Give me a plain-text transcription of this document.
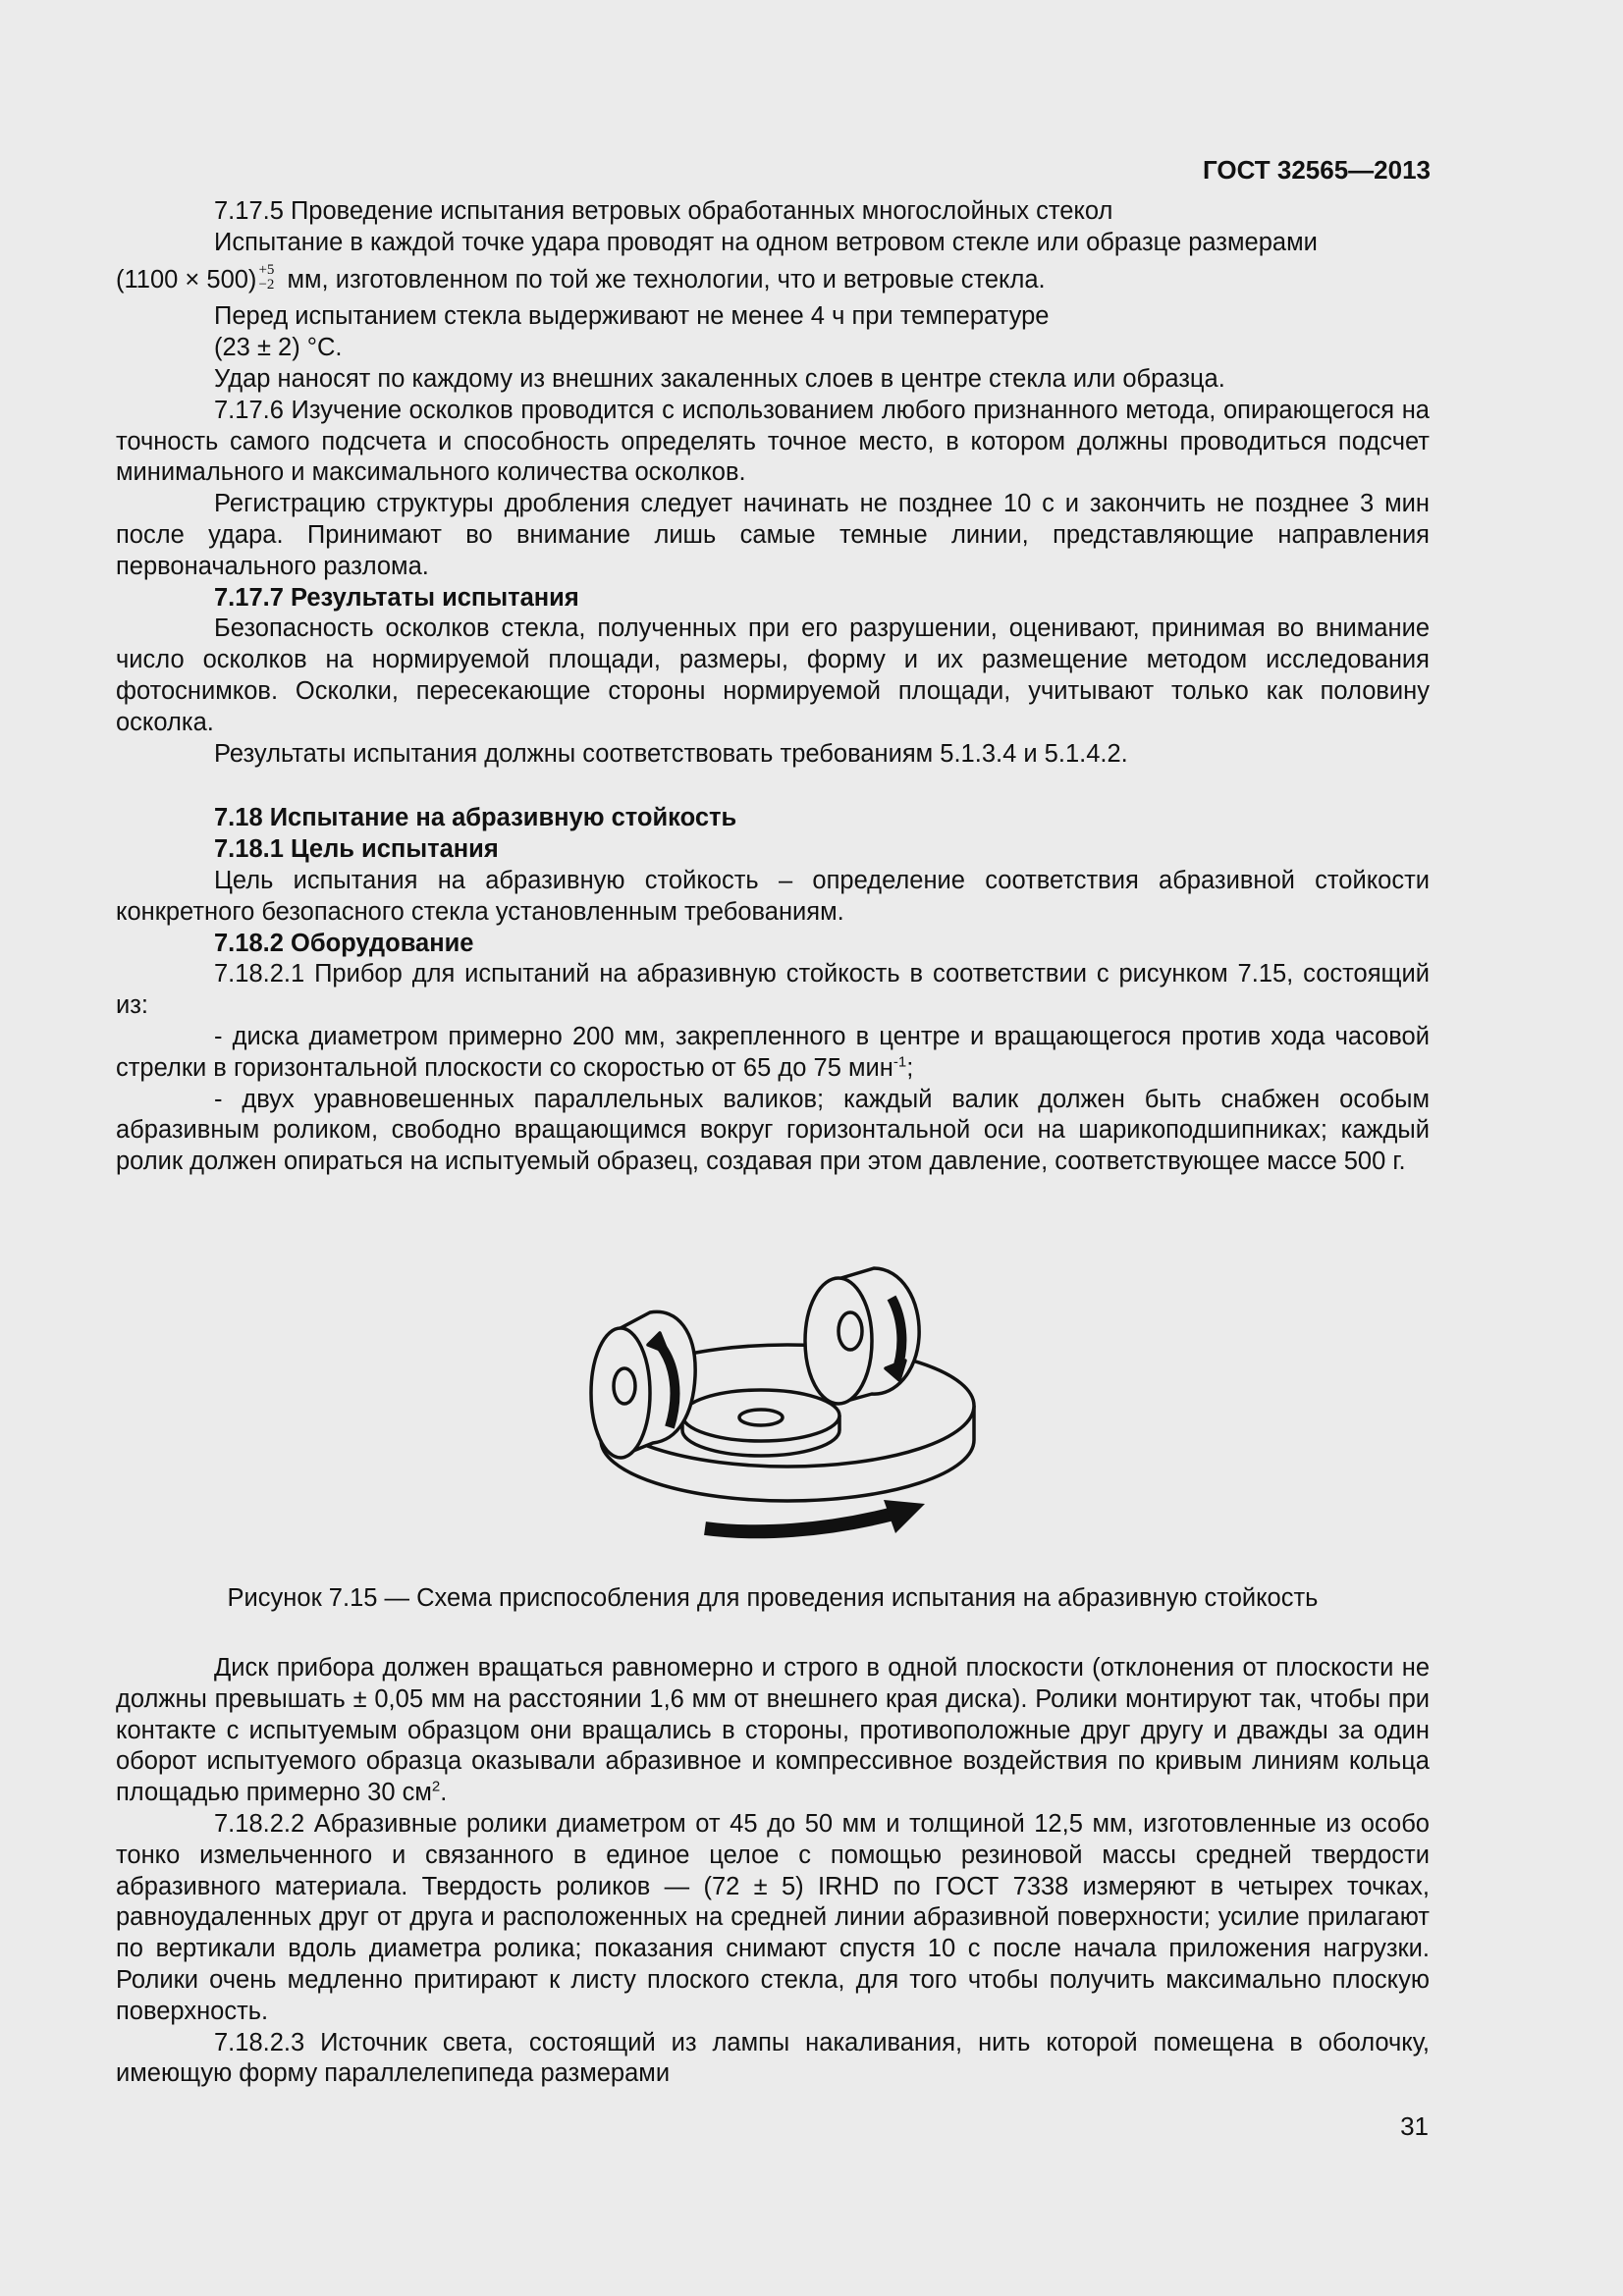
ГОСТ 32565—2013

7.17.5 Проведение испытания ветровых обработанных многослойных стекол

Испытание в каждой точке удара проводят на одном ветровом стекле или образце размерами

(1100 × 500) +5
−2 мм, изготовленном по той же технологии, что и ветровые стекла.

Перед испытанием стекла выдерживают не менее 4 ч при температуре

(23 ± 2) °C.

Удар наносят по каждому из внешних закаленных слоев в центре стекла или образца.

7.17.6 Изучение осколков проводится с использованием любого признанного метода, опирающегося на точность самого подсчета и способность определять точное место, в котором должны проводиться подсчет минимального и максимального количества осколков.

Регистрацию структуры дробления следует начинать не позднее 10 с и закончить не позднее 3 мин после удара. Принимают во внимание лишь самые темные линии, представляющие направления первоначального разлома.

7.17.7 Результаты испытания

Безопасность осколков стекла, полученных при его разрушении, оценивают, принимая во внимание число осколков на нормируемой площади, размеры, форму и их размещение методом исследования фотоснимков. Осколки, пересекающие стороны нормируемой площади, учитывают только как половину осколка.

Результаты испытания должны соответствовать требованиям 5.1.3.4 и 5.1.4.2.

7.18 Испытание на абразивную стойкость

7.18.1 Цель испытания

Цель испытания на абразивную стойкость – определение соответствия абразивной стойкости конкретного безопасного стекла установленным требованиям.

7.18.2 Оборудование

7.18.2.1 Прибор для испытаний на абразивную стойкость в соответствии с рисунком 7.15, состоящий из:

- диска диаметром примерно 200 мм, закрепленного в центре и вращающегося против хода часовой стрелки в горизонтальной плоскости со скоростью от 65 до 75 мин$^{-1}$;

- двух уравновешенных параллельных валиков; каждый валик должен быть снабжен особым абразивным роликом, свободно вращающимся вокруг горизонтальной оси на шарикоподшипниках; каждый ролик должен опираться на испытуемый образец, создавая при этом давление, соответствующее массе 500 г.

Рисунок 7.15 — Схема приспособления для проведения испытания на абразивную стойкость

Диск прибора должен вращаться равномерно и строго в одной плоскости (отклонения от плоскости не должны превышать ± 0,05 мм на расстоянии 1,6 мм от внешнего края диска). Ролики монтируют так, чтобы при контакте с испытуемым образцом они вращались в стороны, противоположные друг другу и дважды за один оборот испытуемого образца оказывали абразивное и компрессивное воздействия по кривым линиям кольца площадью примерно 30 $см^2$.

7.18.2.2 Абразивные ролики диаметром от 45 до 50 мм и толщиной 12,5 мм, изготовленные из особо тонко измельченного и связанного в единое целое с помощью резиновой массы средней твердости абразивного материала. Твердость роликов — (72 ± 5) IRHD по ГОСТ 7338 измеряют в четырех точках, равноудаленных друг от друга и расположенных на средней линии абразивной поверхности; усилие прилагают по вертикали вдоль диаметра ролика; показания снимают спустя 10 с после начала приложения нагрузки. Ролики очень медленно притирают к листу плоского стекла, для того чтобы получить максимально плоскую поверхность.

7.18.2.3 Источник света, состоящий из лампы накаливания, нить которой помещена в оболочку, имеющую форму параллелепипеда размерами

31
